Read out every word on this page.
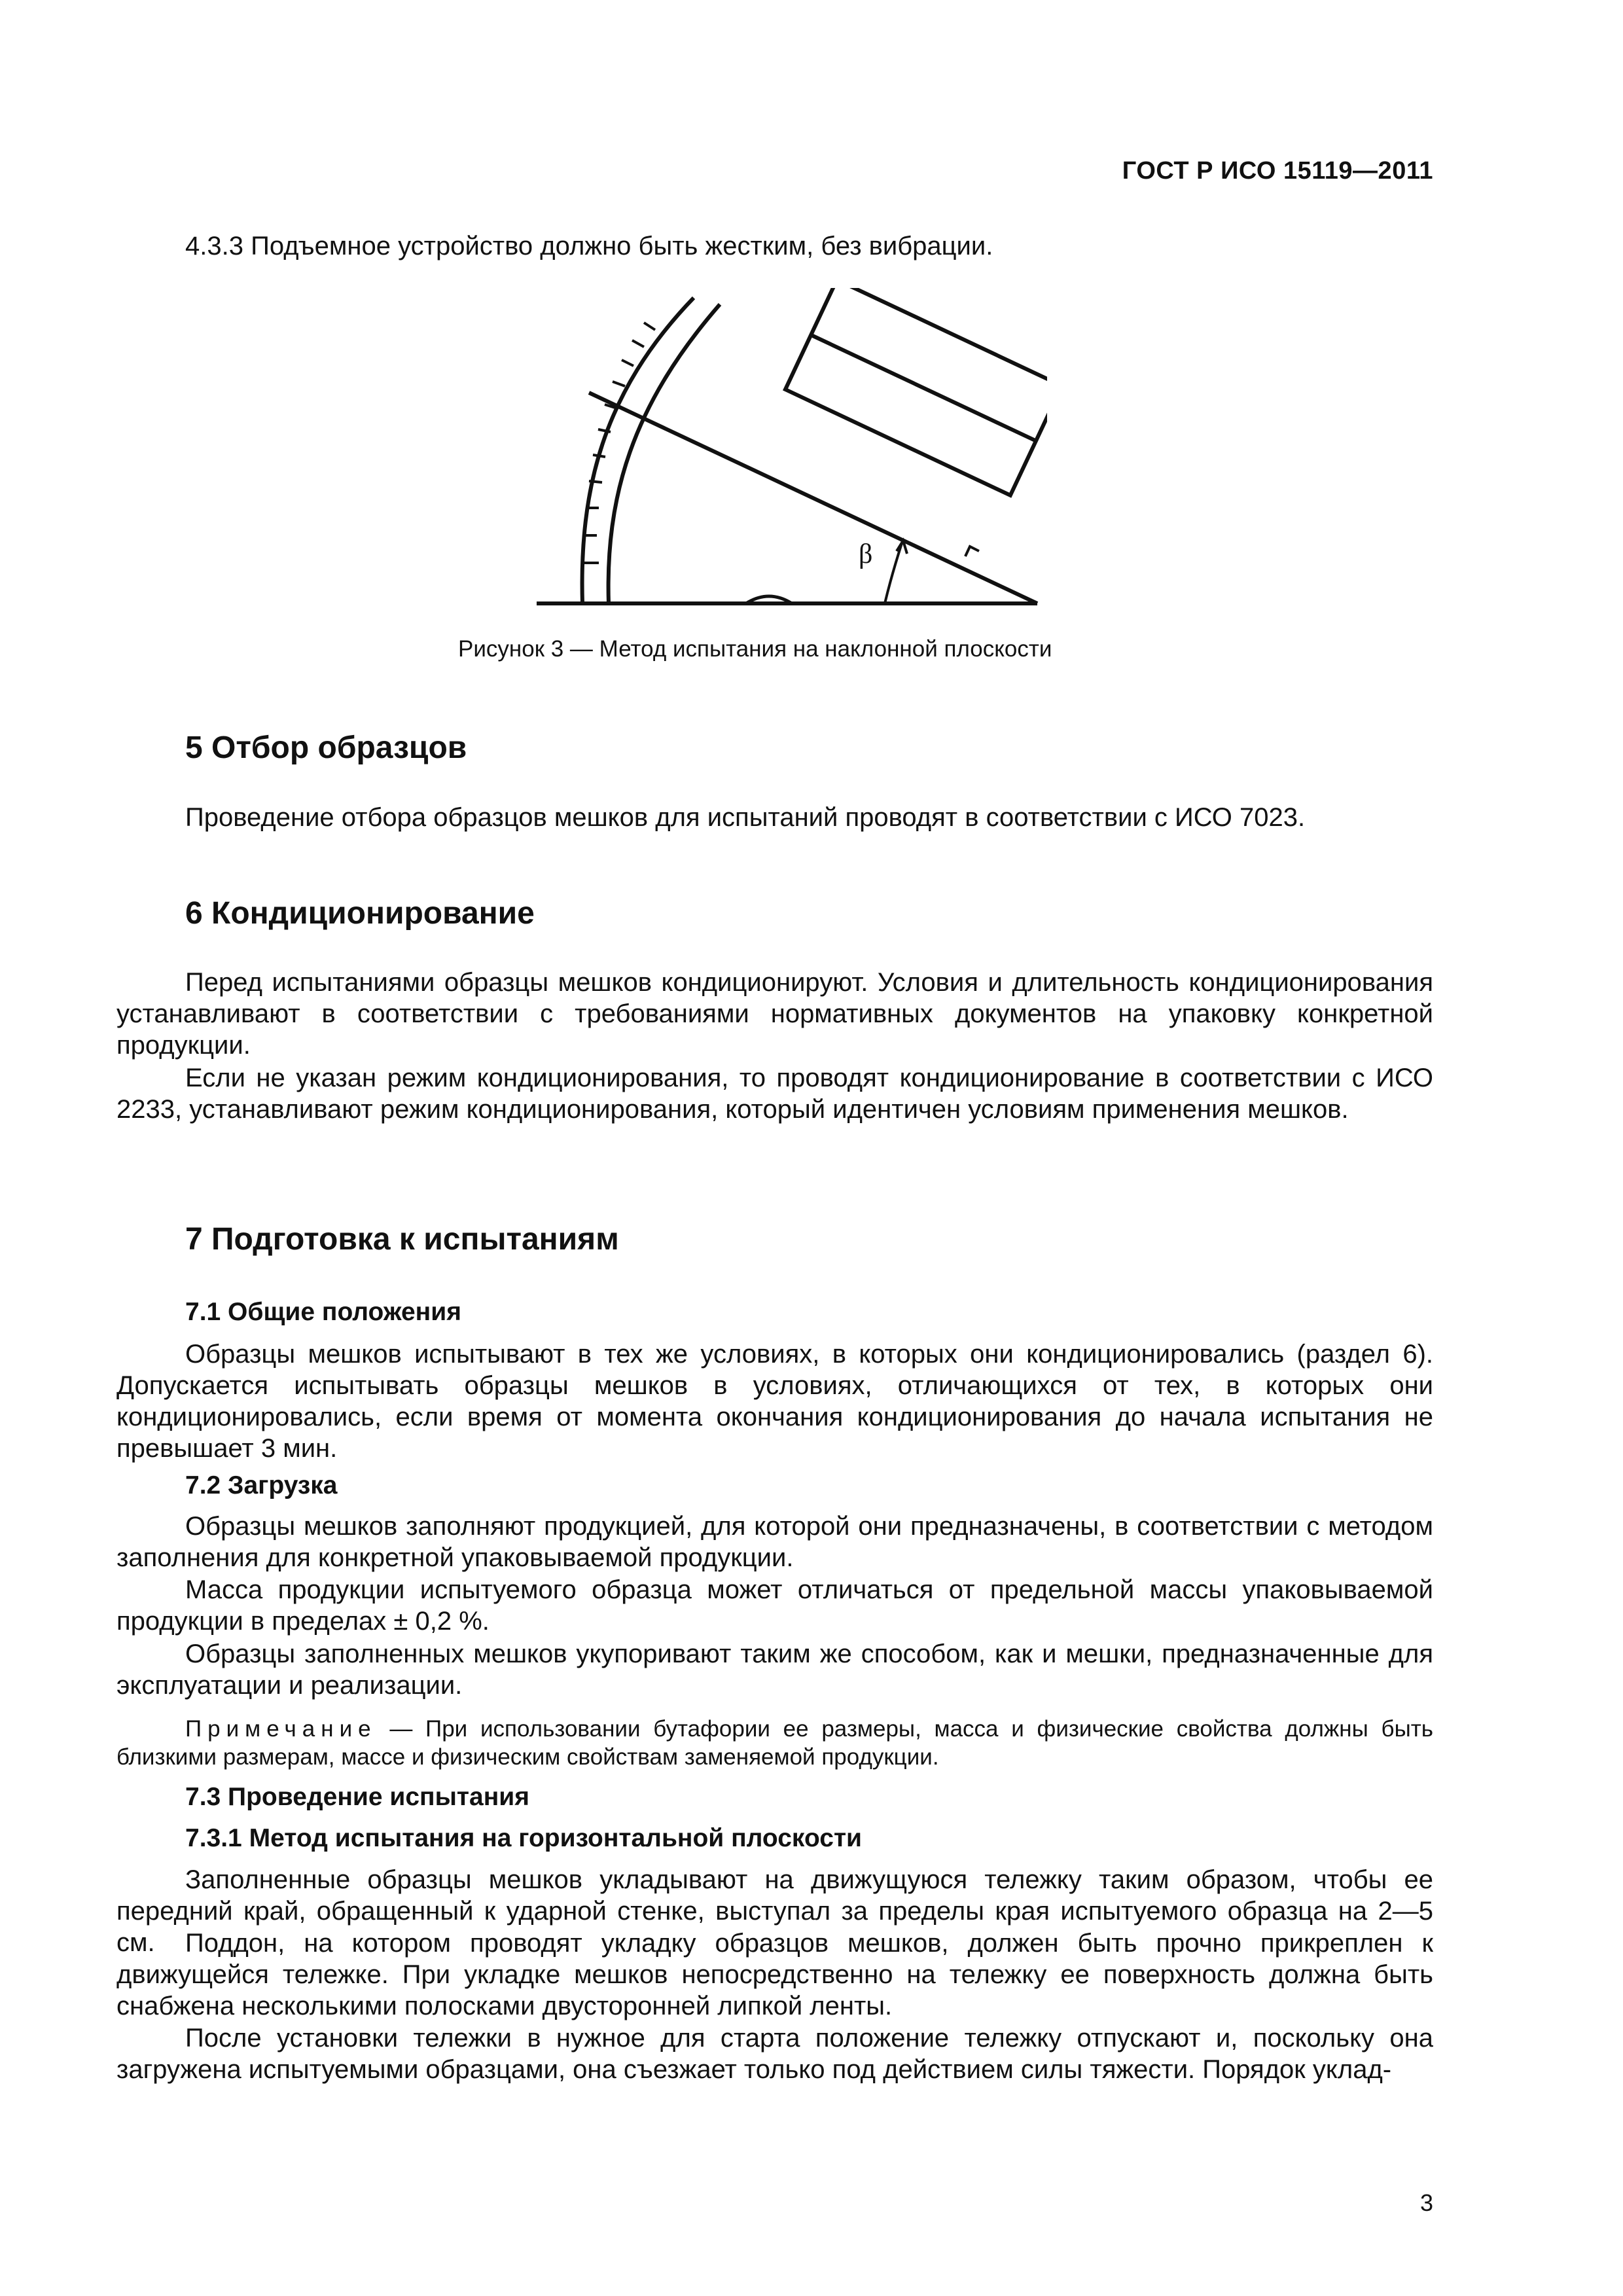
ГОСТ Р ИСО 15119—2011
4.3.3 Подъемное устройство должно быть жестким, без вибрации.
β
Рисунок 3 — Метод испытания на наклонной плоскости
5 Отбор образцов
Проведение отбора образцов мешков для испытаний проводят в соответствии с ИСО 7023.
6 Кондиционирование
Перед испытаниями образцы мешков кондиционируют. Условия и длительность кондиционирования устанавливают в соответствии с требованиями нормативных документов на упаковку конкретной продукции.
Если не указан режим кондиционирования, то проводят кондиционирование в соответствии с ИСО 2233, устанавливают режим кондиционирования, который идентичен условиям применения мешков.
7 Подготовка к испытаниям
7.1 Общие положения
Образцы мешков испытывают в тех же условиях, в которых они кондиционировались (раздел 6). Допускается испытывать образцы мешков в условиях, отличающихся от тех, в которых они кондиционировались, если время от момента окончания кондиционирования до начала испытания не превышает 3 мин.
7.2 Загрузка
Образцы мешков заполняют продукцией, для которой они предназначены, в соответствии с методом заполнения для конкретной упаковываемой продукции.
Масса продукции испытуемого образца может отличаться от предельной массы упаковываемой продукции в пределах ± 0,2 %.
Образцы заполненных мешков укупоривают таким же способом, как и мешки, предназначенные для эксплуатации и реализации.
Примечание — При использовании бутафории ее размеры, масса и физические свойства должны быть близкими размерам, массе и физическим свойствам заменяемой продукции.
7.3 Проведение испытания
7.3.1 Метод испытания на горизонтальной плоскости
Заполненные образцы мешков укладывают на движущуюся тележку таким образом, чтобы ее передний край, обращенный к ударной стенке, выступал за пределы края испытуемого образца на 2—5 см.	Поддон, на котором проводят укладку образцов мешков, должен быть прочно прикреплен к движущейся тележке. При укладке мешков непосредственно на тележку ее поверхность должна быть снабжена несколькими полосками двусторонней липкой ленты.
После установки тележки в нужное для старта положение тележку отпускают и, поскольку она загружена испытуемыми образцами, она съезжает только под действием силы тяжести. Порядок уклад-
3
